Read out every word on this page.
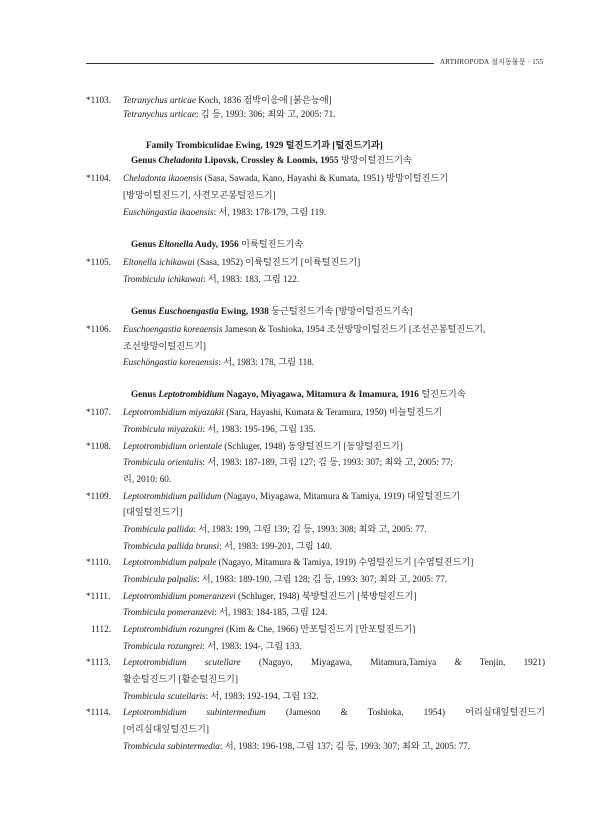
ARTHROPODA 절지동물문 · 155
*1103. Tetranychus urticae Koch, 1836 점박이응애 [붉은능애]
Tetranychus urticae: 김 등, 1993: 306; 최와 고, 2005: 71.
Family Trombiculidae Ewing, 1929 털진드기과 [털진드기과]
Genus Cheladonta Lipovsk, Crossley & Loomis, 1955 방망이털진드기속
*1104. Cheladonta ikaoensis (Sasa, Sawada, Kano, Hayashi & Kumata, 1951) 방망이털진드기
[방망이털진드기, 사견모곤봉털진드기]
Euschöngastia ikaoensis: 서, 1983: 178-179, 그림 119.
Genus Eltonella Audy, 1956 이륙털진드기속
*1105. Eltonella ichikawai (Sasa, 1952) 이륙털진드기 [이륙털진드기]
Trombicula ichikawai: 서, 1983: 183, 그림 122.
Genus Euschoengastia Ewing, 1938 둥근털진드기속 [방망이털진드기속]
*1106. Euschoengastia koreaensis Jameson & Toshioka, 1954 조선방망이털진드기 [조선곤봉털진드기,
조선방망이털진드기]
Euschöngastia koreaensis: 서, 1983: 178, 그림 118.
Genus Leptotrombidium Nagayo, Miyagawa, Mitamura & Imamura, 1916 털진드기속
*1107. Leptotrombidium miyazakii (Sara, Hayashi, Kumata & Teramura, 1950) 비늘털진드기
Trombicula miyazakii: 서, 1983: 195-196, 그림 135.
*1108. Leptotrombidium orientale (Schluger, 1948) 동양털진드기 [동양털진드기]
Trombicula orientalis: 서, 1983: 187-189, 그림 127; 김 등, 1993: 307; 최와 고, 2005: 77;
리, 2010: 60.
*1109. Leptotrombidium pallidum (Nagayo, Miyagawa, Mitamura & Tamiya, 1919) 대잎털진드기
[대잎털진드기]
Trombicula pallida: 서, 1983: 199, 그림 139; 김 등, 1993: 308; 최와 고, 2005: 77.
Trombicula pallida brunsi: 서, 1983: 199-201, 그림 140.
*1110. Leptotrombidium palpale (Nagayo, Mitamura & Tamiya, 1919) 수염털진드기 [수염털진드기]
Trombicula palpalis: 서, 1983: 189-190, 그림 128; 김 등, 1993: 307; 최와 고, 2005: 77.
*1111. Leptotrombidium pomeranzevi (Schluger, 1948) 북방털진드기 [북방털진드기]
Trombicula pomeranzevi: 서, 1983: 184-185, 그림 124.
1112. Leptotrombidium rozungrei (Kim & Che, 1966) 만포털진드기 [만포털진드기]
Trombicula rozungrei: 서, 1983: 194-, 그림 133.
*1113. Leptotrombidium scutellare (Nagayo, Miyagawa, Mitamura,Tamiya & Tenjin, 1921)
활순털진드기 [활순털진드기]
Trombicula scutellaris: 서, 1983: 192-194, 그림 132.
*1114. Leptotrombidium subintermedium (Jameson & Toshioka, 1954) 어리실대잎털진드기
[어리실대잎털진드기]
Trombicula subintermedia: 서, 1983: 196-198, 그림 137; 김 등, 1993: 307; 최와 고, 2005: 77.
